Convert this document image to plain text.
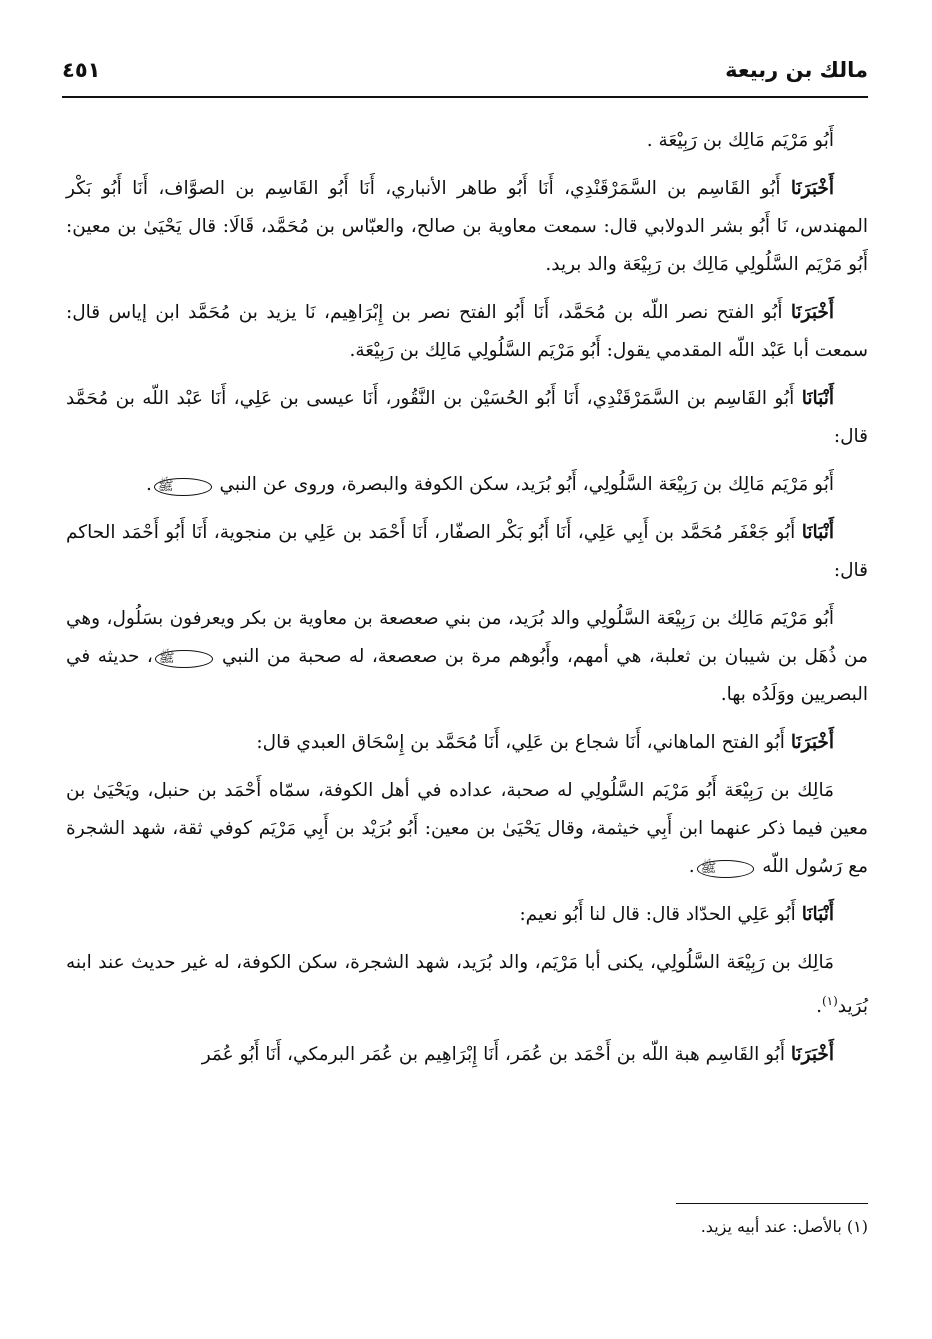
مالك بن ربيعة
٤٥١

أَبُو مَرْيَم مَالِك بن رَبِيْعَة .

أَخْبَرَنَا أَبُو القَاسِم بن السَّمَرْقَنْدِي، أَنَا أَبُو طاهر الأنباري، أَنَا أَبُو القَاسِم بن الصوَّاف، أَنَا أَبُو بَكْر المهندس، نَا أَبُو بشر الدولابي قال: سمعت معاوية بن صالح، والعبّاس بن مُحَمَّد، قَالَا: قال يَحْيَىٰ بن معين: أَبُو مَرْيَم السَّلُولِي مَالِك بن رَبِيْعَة والد بريد.

أَخْبَرَنَا أَبُو الفتح نصر اللّه بن مُحَمَّد، أَنَا أَبُو الفتح نصر بن إِبْرَاهِيم، نَا يزيد بن مُحَمَّد ابن إياس قال: سمعت أبا عَبْد اللّه المقدمي يقول: أَبُو مَرْيَم السَّلُولِي مَالِك بن رَبِيْعَة.

أَنْبَانَا أَبُو القَاسِم بن السَّمَرْقَنْدِي، أَنَا أَبُو الحُسَيْن بن النَّقُور، أَنَا عيسى بن عَلِي، أَنَا عَبْد اللّه بن مُحَمَّد قال:

أَبُو مَرْيَم مَالِك بن رَبِيْعَة السَّلُولِي، أَبُو بُرَيد، سكن الكوفة والبصرة، وروى عن النبي ﷺ.

أَنْبَانَا أَبُو جَعْفَر مُحَمَّد بن أَبِي عَلِي، أَنَا أَبُو بَكْر الصفّار، أَنَا أَحْمَد بن عَلِي بن منجوية، أَنَا أَبُو أَحْمَد الحاكم قال:

أَبُو مَرْيَم مَالِك بن رَبِيْعَة السَّلُولِي والد بُرَيد، من بني صعصعة بن معاوية بن بكر ويعرفون بسَلُول، وهي من ذُهَل بن شيبان بن ثعلبة، هي أمهم، وأَبُوهم مرة بن صعصعة، له صحبة من النبي ﷺ، حديثه في البصريين ووَلَدُه بها.

أَخْبَرَنَا أَبُو الفتح الماهاني، أَنَا شجاع بن عَلِي، أَنَا مُحَمَّد بن إِسْحَاق العبدي قال:

مَالِك بن رَبِيْعَة أَبُو مَرْيَم السَّلُولِي له صحبة، عداده في أهل الكوفة، سمّاه أَحْمَد بن حنبل، ويَحْيَىٰ بن معين فيما ذكر عنهما ابن أَبِي خيثمة، وقال يَحْيَىٰ بن معين: أَبُو بُرَيْد بن أَبِي مَرْيَم كوفي ثقة، شهد الشجرة مع رَسُول اللّه ﷺ.

أَنْبَانَا أَبُو عَلِي الحدّاد قال: قال لنا أَبُو نعيم:

مَالِك بن رَبِيْعَة السَّلُولِي، يكنى أبا مَرْيَم، والد بُرَيد، شهد الشجرة، سكن الكوفة، له غير حديث عند ابنه بُرَيد$^{(١)}$.

أَخْبَرَنَا أَبُو القَاسِم هبة اللّه بن أَحْمَد بن عُمَر، أَنَا إِبْرَاهِيم بن عُمَر البرمكي، أَنَا أَبُو عُمَر

(١) بالأصل: عند أبيه يزيد.
